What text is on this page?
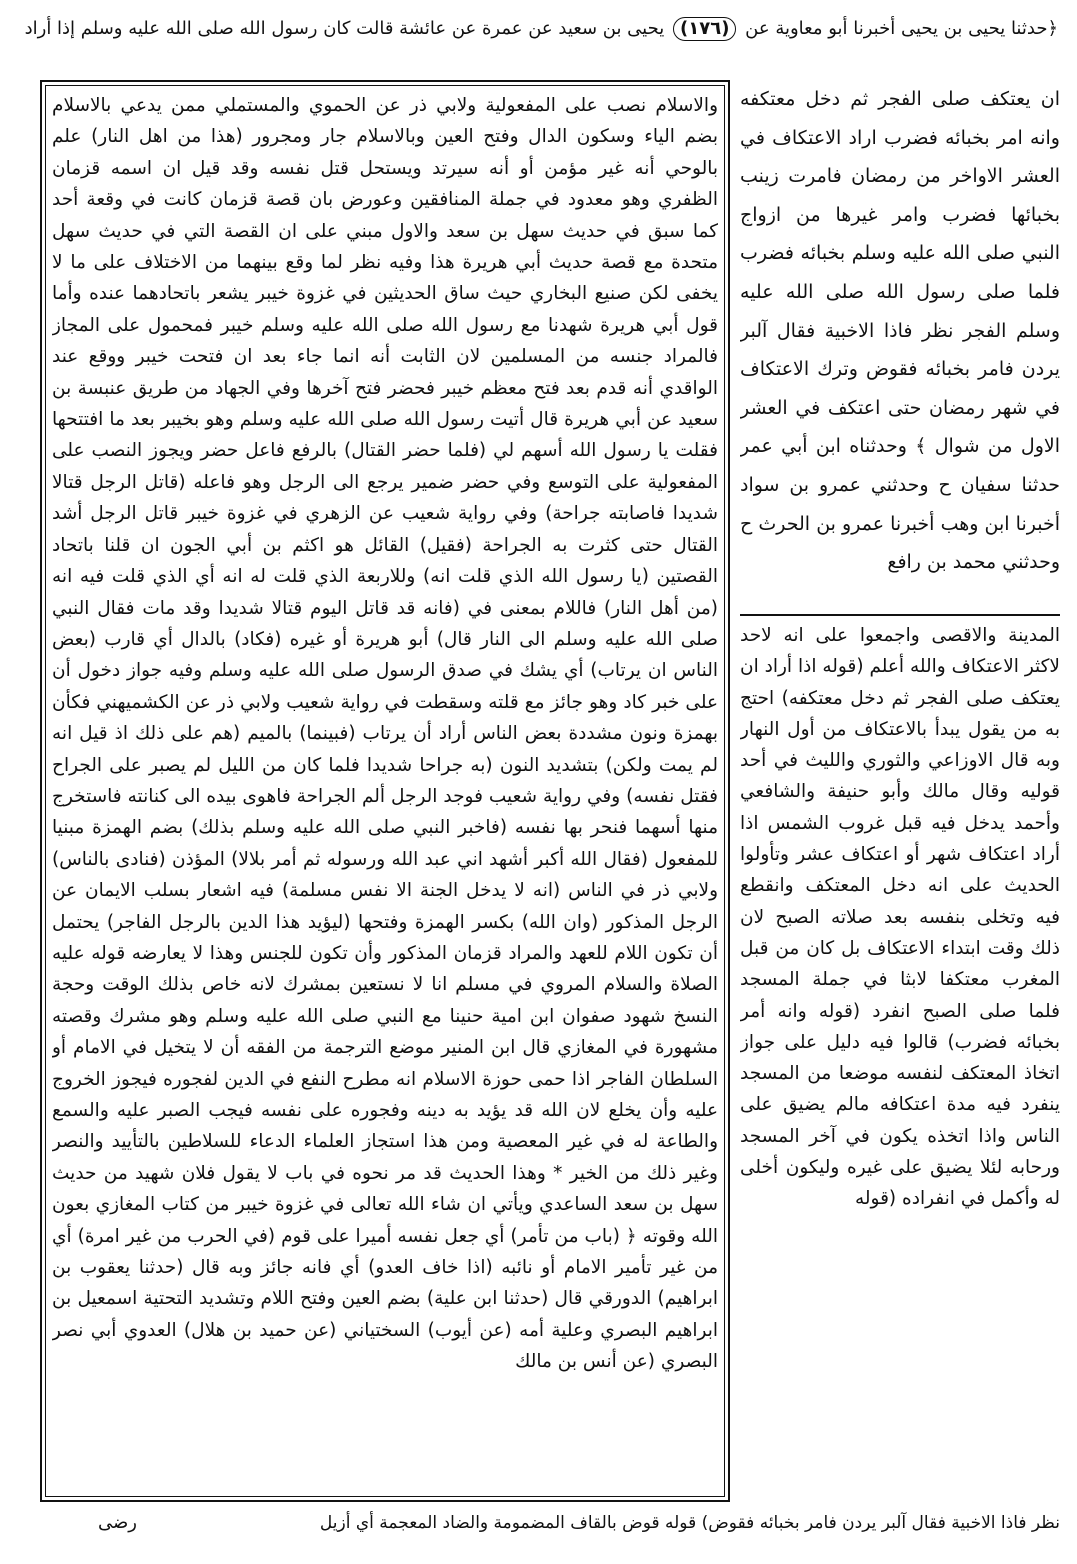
﴿حدثنا يحيى بن يحيى أخبرنا أبو معاوية عن (١٧٦) يحيى بن سعيد عن عمرة عن عائشة قالت كان رسول الله صلى الله عليه وسلم إذا أراد
ان يعتكف صلى الفجر ثم دخل معتكفه وانه امر بخبائه فضرب اراد الاعتكاف في العشر الاواخر من رمضان فامرت زينب بخبائها فضرب وامر غيرها من ازواج النبي صلى الله عليه وسلم بخبائه فضرب فلما صلى رسول الله صلى الله عليه وسلم الفجر نظر فاذا الاخبية فقال آلبر يردن فامر بخبائه فقوض وترك الاعتكاف في شهر رمضان حتى اعتكف في العشر الاول من شوال ﴾ وحدثناه ابن أبي عمر حدثنا سفيان ح وحدثني عمرو بن سواد أخبرنا ابن وهب أخبرنا عمرو بن الحرث ح وحدثني محمد بن رافع
المدينة والاقصى واجمعوا على انه لاحد لاكثر الاعتكاف والله أعلم (قوله اذا أراد ان يعتكف صلى الفجر ثم دخل معتكفه) احتج به من يقول يبدأ بالاعتكاف من أول النهار وبه قال الاوزاعي والثوري والليث في أحد قوليه وقال مالك وأبو حنيفة والشافعي وأحمد يدخل فيه قبل غروب الشمس اذا أراد اعتكاف شهر أو اعتكاف عشر وتأولوا الحديث على انه دخل المعتكف وانقطع فيه وتخلى بنفسه بعد صلاته الصبح لان ذلك وقت ابتداء الاعتكاف بل كان من قبل المغرب معتكفا لابثا في جملة المسجد فلما صلى الصبح انفرد (قوله وانه أمر بخبائه فضرب) قالوا فيه دليل على جواز اتخاذ المعتكف لنفسه موضعا من المسجد ينفرد فيه مدة اعتكافه مالم يضيق على الناس واذا اتخذه يكون في آخر المسجد ورحابه لئلا يضيق على غيره وليكون أخلى له وأكمل في انفراده (قوله
والاسلام نصب على المفعولية ولابي ذر عن الحموي والمستملي ممن يدعي بالاسلام بضم الياء وسكون الدال وفتح العين وبالاسلام جار ومجرور (هذا من اهل النار) علم بالوحي أنه غير مؤمن أو أنه سيرتد ويستحل قتل نفسه وقد قيل ان اسمه قزمان الظفري وهو معدود في جملة المنافقين وعورض بان قصة قزمان كانت في وقعة أحد كما سبق في حديث سهل بن سعد والاول مبني على ان القصة التي في حديث سهل متحدة مع قصة حديث أبي هريرة هذا وفيه نظر لما وقع بينهما من الاختلاف على ما لا يخفى لكن صنيع البخاري حيث ساق الحديثين في غزوة خيبر يشعر باتحادهما عنده وأما قول أبي هريرة شهدنا مع رسول الله صلى الله عليه وسلم خيبر فمحمول على المجاز فالمراد جنسه من المسلمين لان الثابت أنه انما جاء بعد ان فتحت خيبر ووقع عند الواقدي أنه قدم بعد فتح معظم خيبر فحضر فتح آخرها وفي الجهاد من طريق عنبسة بن سعيد عن أبي هريرة قال أتيت رسول الله صلى الله عليه وسلم وهو بخيبر بعد ما افتتحها فقلت يا رسول الله أسهم لي (فلما حضر القتال) بالرفع فاعل حضر ويجوز النصب على المفعولية على التوسع وفي حضر ضمير يرجع الى الرجل وهو فاعله (قاتل الرجل قتالا شديدا فاصابته جراحة) وفي رواية شعيب عن الزهري في غزوة خيبر قاتل الرجل أشد القتال حتى كثرت به الجراحة (فقيل) القائل هو اكثم بن أبي الجون ان قلنا باتحاد القصتين (يا رسول الله الذي قلت انه) وللاربعة الذي قلت له انه أي الذي قلت فيه انه (من أهل النار) فاللام بمعنى في (فانه قد قاتل اليوم قتالا شديدا وقد مات فقال النبي صلى الله عليه وسلم الى النار قال) أبو هريرة أو غيره (فكاد) بالدال أي قارب (بعض الناس ان يرتاب) أي يشك في صدق الرسول صلى الله عليه وسلم وفيه جواز دخول أن على خبر كاد وهو جائز مع قلته وسقطت في رواية شعيب ولابي ذر عن الكشميهني فكأن بهمزة ونون مشددة بعض الناس أراد أن يرتاب (فبينما) بالميم (هم على ذلك اذ قيل انه لم يمت ولكن) بتشديد النون (به جراحا شديدا فلما كان من الليل لم يصبر على الجراح فقتل نفسه) وفي رواية شعيب فوجد الرجل ألم الجراحة فاهوى بيده الى كنانته فاستخرج منها أسهما فنحر بها نفسه (فاخبر النبي صلى الله عليه وسلم بذلك) بضم الهمزة مبنيا للمفعول (فقال الله أكبر أشهد اني عبد الله ورسوله ثم أمر بلالا) المؤذن (فنادى بالناس) ولابي ذر في الناس (انه لا يدخل الجنة الا نفس مسلمة) فيه اشعار بسلب الايمان عن الرجل المذكور (وان الله) بكسر الهمزة وفتحها (ليؤيد هذا الدين بالرجل الفاجر) يحتمل أن تكون اللام للعهد والمراد قزمان المذكور وأن تكون للجنس وهذا لا يعارضه قوله عليه الصلاة والسلام المروي في مسلم انا لا نستعين بمشرك لانه خاص بذلك الوقت وحجة النسخ شهود صفوان ابن امية حنينا مع النبي صلى الله عليه وسلم وهو مشرك وقصته مشهورة في المغازي قال ابن المنير موضع الترجمة من الفقه أن لا يتخيل في الامام أو السلطان الفاجر اذا حمى حوزة الاسلام انه مطرح النفع في الدين لفجوره فيجوز الخروج عليه وأن يخلع لان الله قد يؤيد به دينه وفجوره على نفسه فيجب الصبر عليه والسمع والطاعة له في غير المعصية ومن هذا استجاز العلماء الدعاء للسلاطين بالتأييد والنصر وغير ذلك من الخير * وهذا الحديث قد مر نحوه في باب لا يقول فلان شهيد من حديث سهل بن سعد الساعدي ويأتي ان شاء الله تعالى في غزوة خيبر من كتاب المغازي بعون الله وقوته ﴿ (باب من تأمر) أي جعل نفسه أميرا على قوم (في الحرب من غير امرة) أي من غير تأمير الامام أو نائبه (اذا خاف العدو) أي فانه جائز وبه قال (حدثنا يعقوب بن ابراهيم) الدورقي قال (حدثنا ابن علية) بضم العين وفتح اللام وتشديد التحتية اسمعيل بن ابراهيم البصري وعلية أمه (عن أيوب) السختياني (عن حميد بن هلال) العدوي أبي نصر البصري (عن أنس بن مالك
نظر فاذا الاخبية فقال آلبر يردن فامر بخبائه فقوض) قوله قوض بالقاف المضمومة والضاد المعجمة أي أزيل
رضى
